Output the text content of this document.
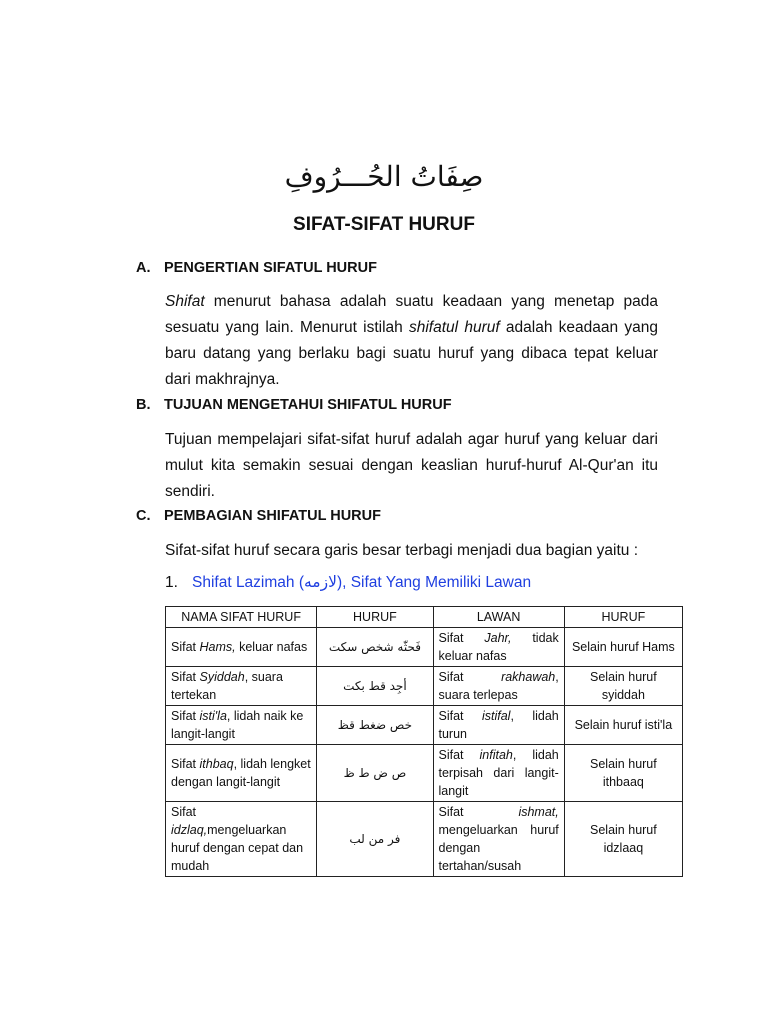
صِفَاتُ الحُـــرُوفِ
SIFAT-SIFAT HURUF
A. PENGERTIAN SIFATUL HURUF
Shifat menurut bahasa adalah suatu keadaan yang menetap pada sesuatu yang lain. Menurut istilah shifatul huruf adalah keadaan yang baru datang yang berlaku bagi suatu huruf yang dibaca tepat keluar dari makhrajnya.
B. TUJUAN MENGETAHUI SHIFATUL HURUF
Tujuan mempelajari sifat-sifat huruf adalah agar huruf yang keluar dari mulut kita semakin sesuai dengan keaslian huruf-huruf Al-Qur'an itu sendiri.
C. PEMBAGIAN SHIFATUL HURUF
Sifat-sifat huruf secara garis besar terbagi menjadi dua bagian yaitu :
1. Shifat Lazimah (لازمه), Sifat Yang Memiliki Lawan
NAMA SIFAT HURUF	HURUF	LAWAN	HURUF
Sifat Hams, keluar nafas	فَحثّه شخص سكت	Sifat Jahr, tidak keluar nafas	Selain huruf Hams
Sifat Syiddah, suara tertekan	أجِد قط بكت	Sifat rakhawah, suara terlepas	Selain huruf syiddah
Sifat isti'la, lidah naik ke langit-langit	خص ضغط قظ	Sifat istifal, lidah turun	Selain huruf isti'la
Sifat ithbaq, lidah lengket dengan langit-langit	ص ض ط ظ	Sifat infitah, lidah terpisah dari langit-langit	Selain huruf ithbaaq
Sifat idzlaq,mengeluarkan huruf dengan cepat dan mudah	فر من لب	Sifat ishmat, mengeluarkan huruf dengan tertahan/susah	Selain huruf idzlaaq
